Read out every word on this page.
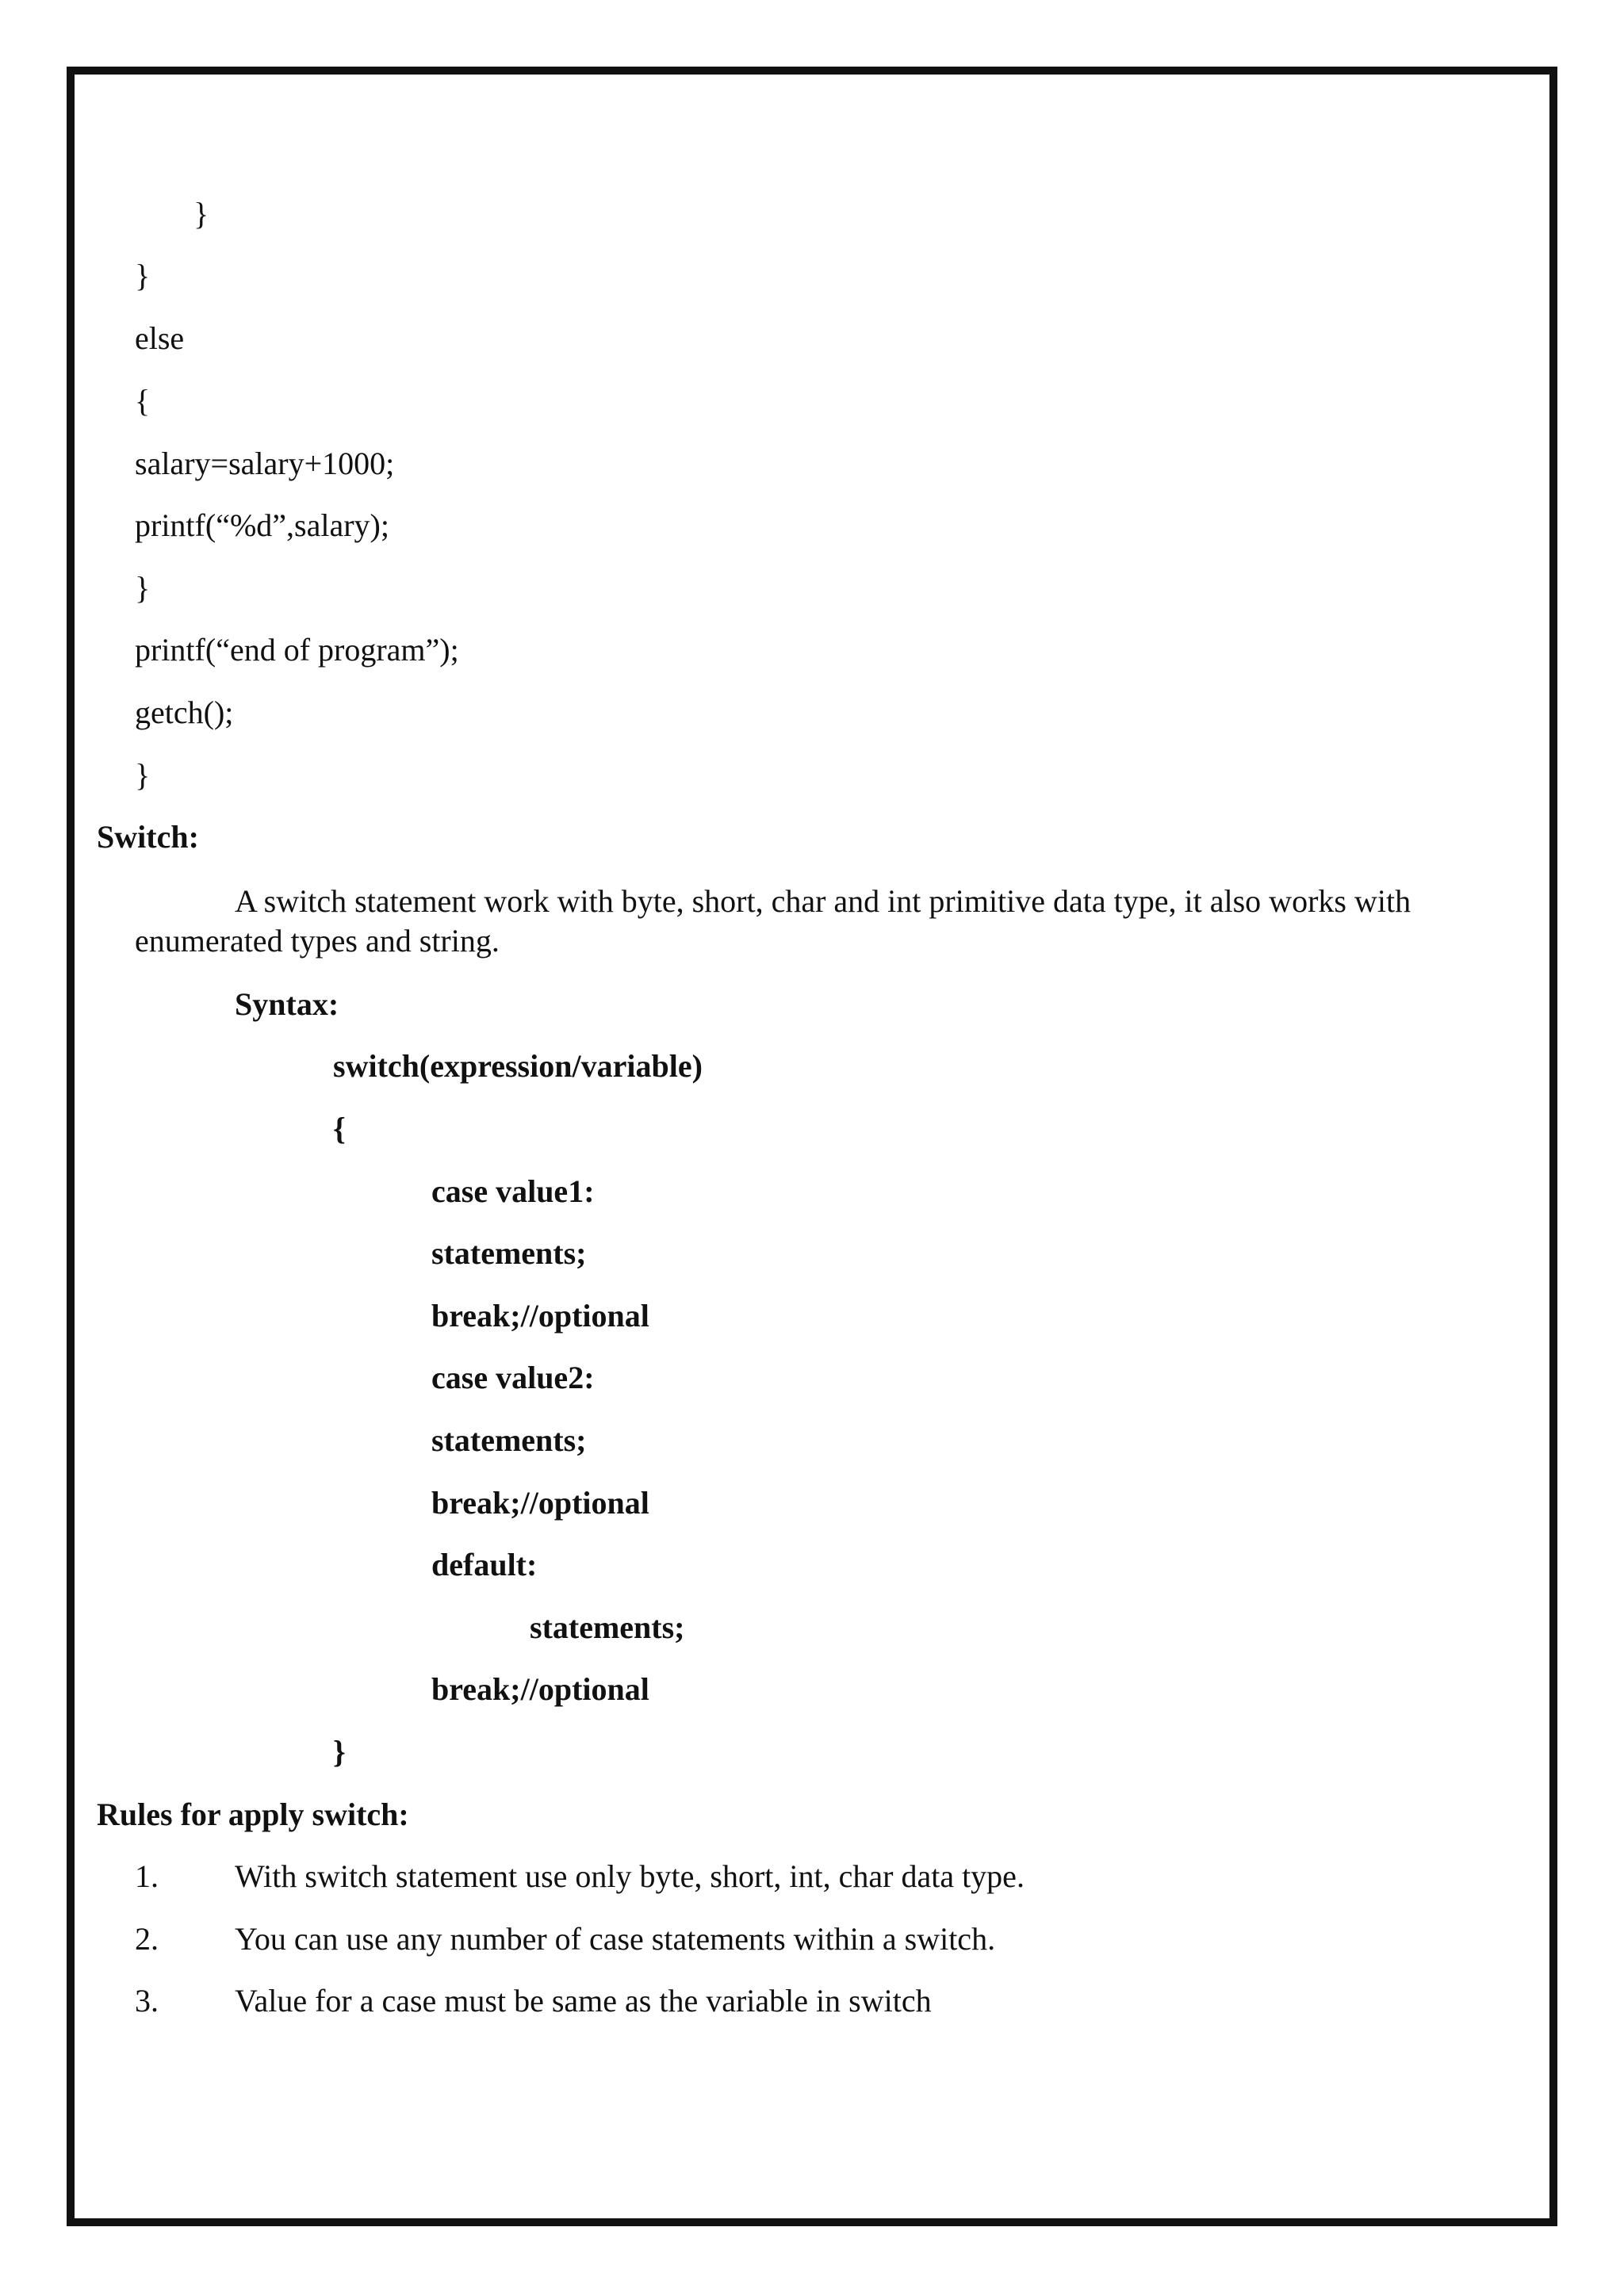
}
}
else
{
salary=salary+1000;
printf(“%d”,salary);
}
printf(“end of program”);
getch();
}
Switch:
A switch statement work with byte, short, char and int primitive data type, it also works with enumerated types and string.
Syntax:
switch(expression/variable)
{
case value1:
statements;
break;//optional
case value2:
statements;
break;//optional
default:
statements;
break;//optional
}
Rules for apply switch:
1. With switch statement use only byte, short, int, char data type.
2. You can use any number of case statements within a switch.
3. Value for a case must be same as the variable in switch
